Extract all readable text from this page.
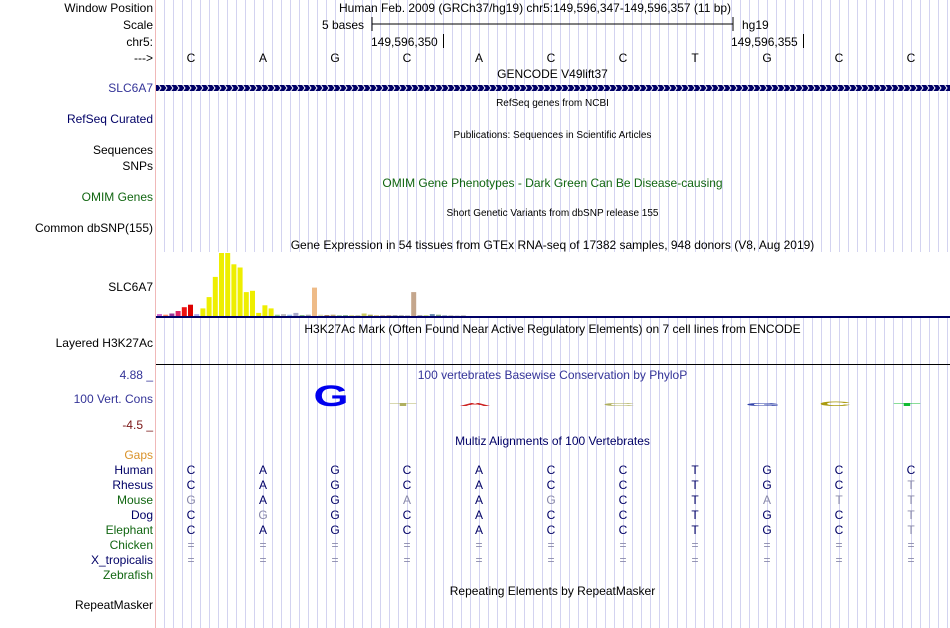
Window Position	Human Feb. 2009 (GRCh37/hg19) chr5:149,596,347-149,596,357 (11 bp)
Scale	5 bases	hg19
chr5:	149,596,350	149,596,355
--->	C	A	G	C	A	C	C	T	G	C	C
GENCODE V49lift37
SLC6A7
RefSeq genes from NCBI
RefSeq Curated
Publications: Sequences in Scientific Articles
Sequences
SNPs
OMIM Gene Phenotypes - Dark Green Can Be Disease-causing
OMIM Genes
Short Genetic Variants from dbSNP release 155
Common dbSNP(155)
Gene Expression in 54 tissues from GTEx RNA-seq of 17382 samples, 948 donors (V8, Aug 2019)
SLC6A7
H3K27Ac Mark (Often Found Near Active Regulatory Elements) on 7 cell lines from ENCODE
Layered H3K27Ac
100 vertebrates Basewise Conservation by PhyloP
4.88 _
100 Vert. Cons
-4.5 _
G T A	C	G C T
Multiz Alignments of 100 Vertebrates
Gaps
Human	C	A	G	C	A	C	C	T	G	C	C
Rhesus	C	A	G	C	A	C	C	T	G	C	T
Mouse	G	A	G	A	A	G	C	T	A	T	T
Dog	C	G	G	C	A	C	C	T	G	C	T
Elephant	C	A	G	C	A	C	C	T	G	C	T
Chicken	=	=	=	=	=	=	=	=	=	=	=
X_tropicalis	=	=	=	=	=	=	=	=	=	=	=
Zebrafish
Repeating Elements by RepeatMasker
RepeatMasker
